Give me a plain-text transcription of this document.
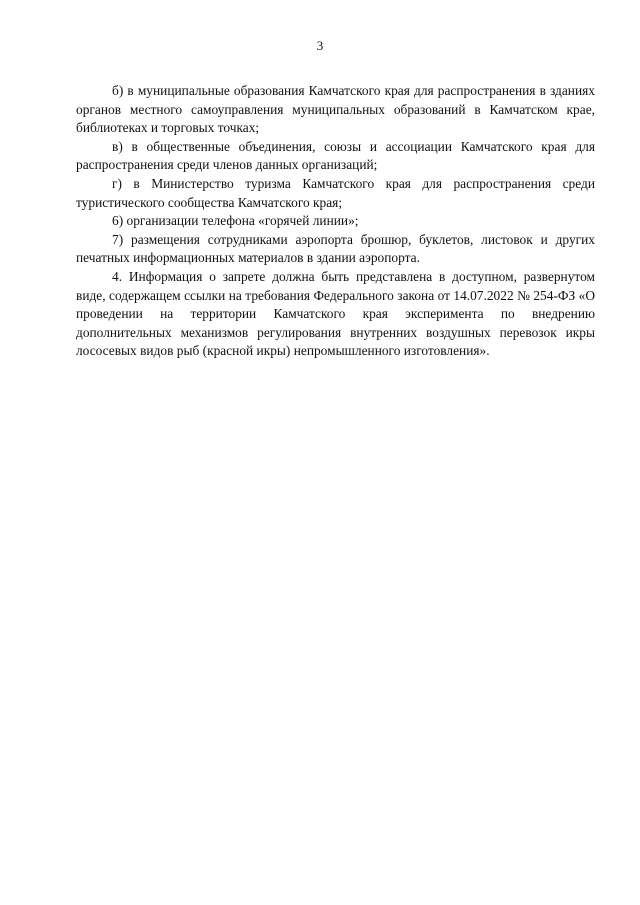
3

б) в муниципальные образования Камчатского края для распространения в зданиях органов местного самоуправления муниципальных образований в Камчатском крае, библиотеках и торговых точках;

в) в общественные объединения, союзы и ассоциации Камчатского края для распространения среди членов данных организаций;

г) в Министерство туризма Камчатского края для распространения среди туристического сообщества Камчатского края;

6) организации телефона «горячей линии»;

7) размещения сотрудниками аэропорта брошюр, буклетов, листовок и других печатных информационных материалов в здании аэропорта.

4. Информация о запрете должна быть представлена в доступном, развернутом виде, содержащем ссылки на требования Федерального закона от 14.07.2022 № 254-ФЗ «О проведении на территории Камчатского края эксперимента по внедрению дополнительных механизмов регулирования внутренних воздушных перевозок икры лососевых видов рыб (красной икры) непромышленного изготовления».
